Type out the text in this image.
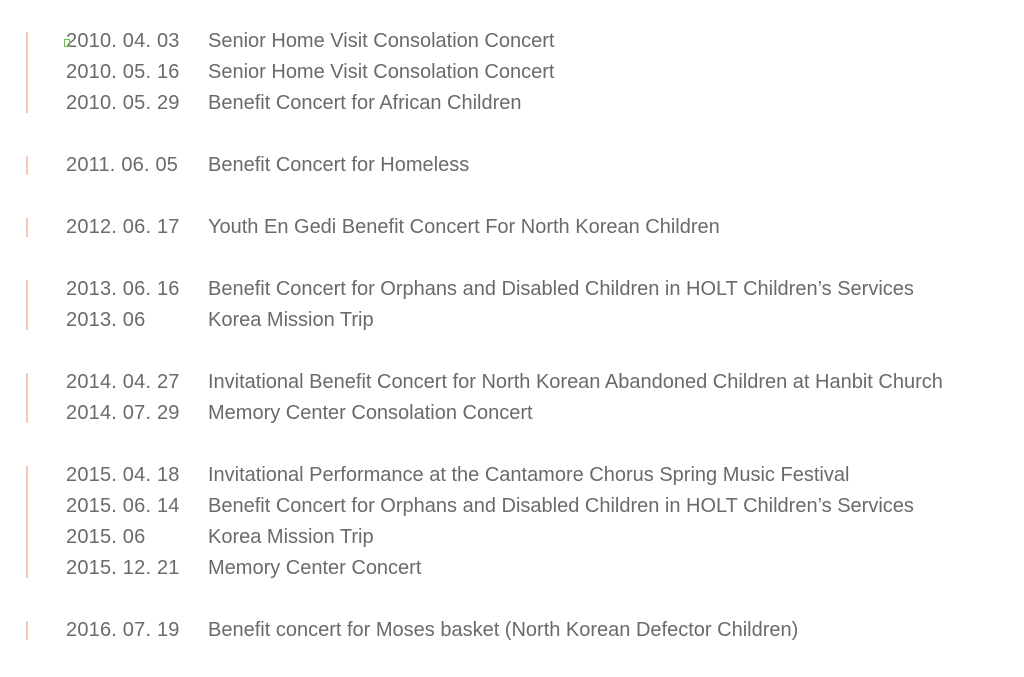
2010. 04. 03 Senior Home Visit Consolation Concert
2010. 05. 16 Senior Home Visit Consolation Concert
2010. 05. 29 Benefit Concert for African Children
2011. 06. 05 Benefit Concert for Homeless
2012. 06. 17 Youth En Gedi Benefit Concert For North Korean Children
2013. 06. 16 Benefit Concert for Orphans and Disabled Children in HOLT Children’s Services
2013. 06	Korea Mission Trip
2014. 04. 27 Invitational Benefit Concert for North Korean Abandoned Children at Hanbit Church
2014. 07. 29 Memory Center Consolation Concert
2015. 04. 18 Invitational Performance at the Cantamore Chorus Spring Music Festival
2015. 06. 14 Benefit Concert for Orphans and Disabled Children in HOLT Children’s Services
2015. 06	Korea Mission Trip
2015. 12. 21 Memory Center Concert
2016. 07. 19 Benefit concert for Moses basket (North Korean Defector Children)
